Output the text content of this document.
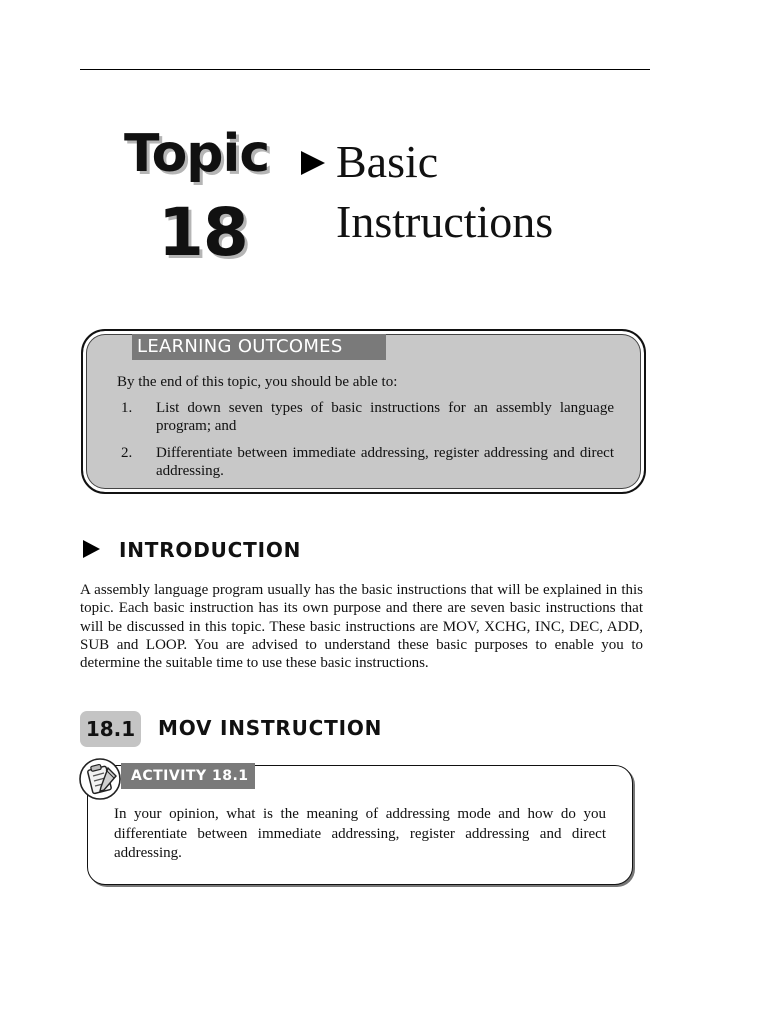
Topic
18
Basic
Instructions
LEARNING OUTCOMES
By the end of this topic, you should be able to:
1. List down seven types of basic instructions for an assembly language program; and
2. Differentiate between immediate addressing, register addressing and direct addressing.
INTRODUCTION
A assembly language program usually has the basic instructions that will be explained in this topic. Each basic instruction has its own purpose and there are seven basic instructions that will be discussed in this topic. These basic instructions are MOV, XCHG, INC, DEC, ADD, SUB and LOOP. You are advised to understand these basic purposes to enable you to determine the suitable time to use these basic instructions.
18.1 MOV INSTRUCTION
ACTIVITY 18.1
In your opinion, what is the meaning of addressing mode and how do you differentiate between immediate addressing, register addressing and direct addressing.
